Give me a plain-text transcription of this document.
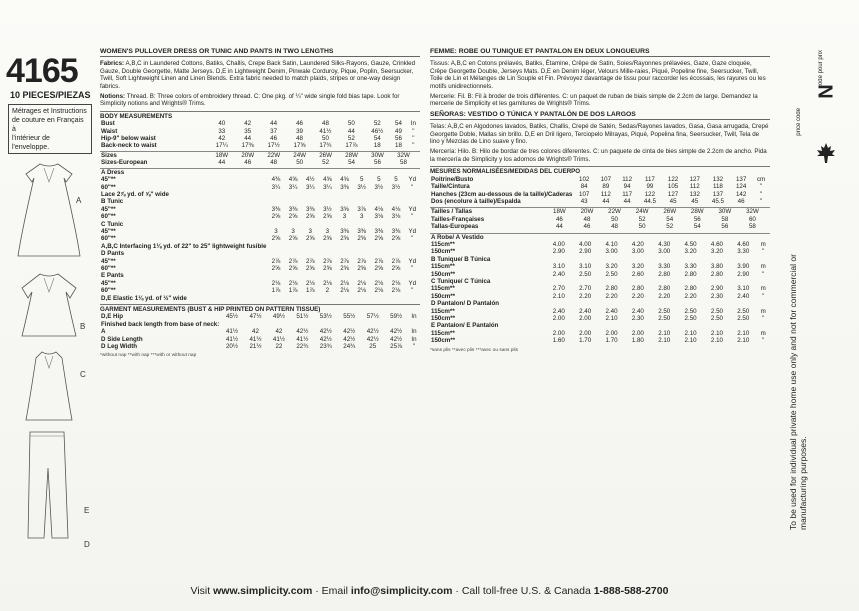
4165
10 PIECES/PIEZAS
Métrages et Instructions
de couture en Français à
l'intérieur de
l'enveloppe.
A
B
C
E
D
WOMEN'S PULLOVER DRESS OR TUNIC AND PANTS IN TWO LENGTHS
Fabrics: A,B,C in Laundered Cottons, Batiks, Challis, Crepe Back Satin, Laundered Silks-Rayons, Gauze, Crinkled Gauze, Double Georgette, Matte Jerseys. D,E in Lightweight Denim, Pinwale Corduroy, Pique, Poplin, Seersucker, Twill, Soft Lightweight Linen and Linen Blends. Extra fabric needed to match plaids, stripes or one-way design fabrics.
Notions: Thread. B: Three colors of embroidery thread. C: One pkg. of ¼" wide single fold bias tape. Look for Simplicity notions and Wrights® Trims.
BODY MEASUREMENTS
Bust	40	42	44	46	48	50	52	54	In
Waist	33	35	37	39	41½	44	46½	49	"
Hip-9" below waist	42	44	46	48	50	52	54	56	"
Back-neck to waist	17¼	17⅜	17½	17⅝	17¾	17⅞	18	18	"
Sizes	18W	20W	22W	24W	26W	28W	30W	32W	
Sizes-European	44	46	48	50	52	54	56	58	
A Dress									
45"**	4⅜	4⅝	4½	4⅝	4⅝	5	5	5	Yd
60"**	3¼	3¼	3¼	3¼	3⅜	3½	3½	3½	"
Lace 2⅞ yd. of ⅝" wide									
B Tunic									
45"**	3⅜	3⅜	3⅜	3½	3⅝	3⅞	4⅛	4⅛	Yd
60"**	2⅝	2⅝	2⅝	2⅝	3	3	3⅛	3⅛	"
C Tunic									
45"**	3	3	3	3	3⅜	3⅜	3⅜	3⅜	Yd
60"**	2⅝	2⅝	2⅝	2⅝	2⅝	2⅝	2⅝	2⅝	"
A,B,C Interfacing 1⅛ yd. of 22" to 25" lightweight fusible									
D Pants									
45"**	2⅞	2⅞	2⅞	2⅞	2⅞	2⅞	2⅞	2⅞	Yd
60"**	2⅝	2⅝	2⅝	2⅝	2⅝	2⅝	2⅝	2⅝	"
E Pants									
45"**	2⅛	2⅛	2⅛	2⅛	2⅛	2⅛	2⅛	2⅛	Yd
60"**	1⅞	1⅞	1⅞	2	2⅛	2⅛	2⅛	2⅛	"
D,E Elastic 1⅛ yd. of ½" wide									
GARMENT MEASUREMENTS (BUST & HIP PRINTED ON PATTERN TISSUE)
D,E Hip	45½	47½	49½	51½	53½	55½	57½	59½	In
Finished back length from base of neck:									
A	41½	42	42	42½	42½	42½	42½	42½	In
D Side Length	41½	41½	41½	41½	42½	42½	42½	42½	In
D Leg Width	20½	21½	22	22¾	23¾	24¾	25	25⅞	"
*without nap **with nap ***with or without nap
FEMME: ROBE OU TUNIQUE ET PANTALON EN DEUX LONGUEURS
Tissus: A,B,C en Cotons prélavés, Batiks, Étamine, Crêpe de Satin, Soies/Rayonnes prélavées, Gaze, Gaze cloquée, Crêpe Georgette Double, Jerseys Mats. D,E en Denim léger, Velours Mille-raies, Piqué, Popeline fine, Seersucker, Twill, Toile de Lin et Mélanges de Lin Souple et Fin. Prévoyez davantage de tissu pour raccorder les écossais, les rayures ou les motifs unidirectionnels.
Mercerie: Fil. B: Fil à broder de trois différentes. C: un paquet de ruban de biais simple de 2.2cm de large. Demandez la mercerie de Simplicity et les garnitures de Wrights® Trims.
SEÑORAS: VESTIDO O TÚNICA Y PANTALÓN DE DOS LARGOS
Telas: A,B,C en Algodones lavados, Batiks, Challis, Crepé de Satén, Sedas/Rayones lavados, Gasa, Gasa arrugada, Crepé Georgette Doble, Mallas sin brillo. D,E en Dril ligero, Terciopelo Milrayas, Piqué, Popelina fina, Seersucker, Twill, Tela de lino y Mezclas de Lino suave y fino.
Mercería: Hilo. B: Hilo de bordar de tres colores diferentes. C: un paquete de cinta de bies simple de 2.2cm de ancho. Pida la mercería de Simplicity y los adornos de Wrights® Trims.
MESURES NORMALISÉES/MEDIDAS DEL CUERPO
Poitrine/Busto	102	107	112	117	122	127	132	137	cm
Taille/Cintura	84	89	94	99	105	112	118	124	"
Hanches (23cm au-dessous de la taille)/Caderas	107	112	117	122	127	132	137	142	"
Dos (encolure à taille)/Espalda	43	44	44	44.5	45	45	45.5	46	"
Tailles / Tallas	18W	20W	22W	24W	26W	28W	30W	32W	
Tailles-Françaises	46	48	50	52	54	56	58	60	
Tallas-Europeas	44	46	48	50	52	54	56	58	
A Robe/ A Vestido									
115cm**	4.00	4.00	4.10	4.20	4.30	4.50	4.60	4.60	m
150cm**	2.90	2.90	3.00	3.00	3.00	3.20	3.20	3.30	"
B Tunique/ B Túnica									
115cm**	3.10	3.10	3.20	3.20	3.30	3.30	3.80	3.90	m
150cm**	2.40	2.50	2.50	2.60	2.80	2.80	2.80	2.90	"
C Tunique/ C Túnica									
115cm**	2.70	2.70	2.80	2.80	2.80	2.80	2.90	3.10	m
150cm**	2.10	2.20	2.20	2.20	2.20	2.20	2.30	2.40	"
D Pantalon/ D Pantalón									
115cm**	2.40	2.40	2.40	2.40	2.50	2.50	2.50	2.50	m
150cm**	2.00	2.00	2.10	2.30	2.50	2.50	2.50	2.50	"
E Pantalon/ E Pantalón									
115cm**	2.00	2.00	2.00	2.00	2.10	2.10	2.10	2.10	m
150cm**	1.60	1.70	1.70	1.80	2.10	2.10	2.10	2.10	"
*sans plis **avec plis ***avec ou sans plis
code pour prix
price code
N
To be used for individual private home use only and not for commercial or manufacturing purposes.
Visit www.simplicity.com · Email info@simplicity.com · Call toll-free U.S. & Canada 1-888-588-2700
